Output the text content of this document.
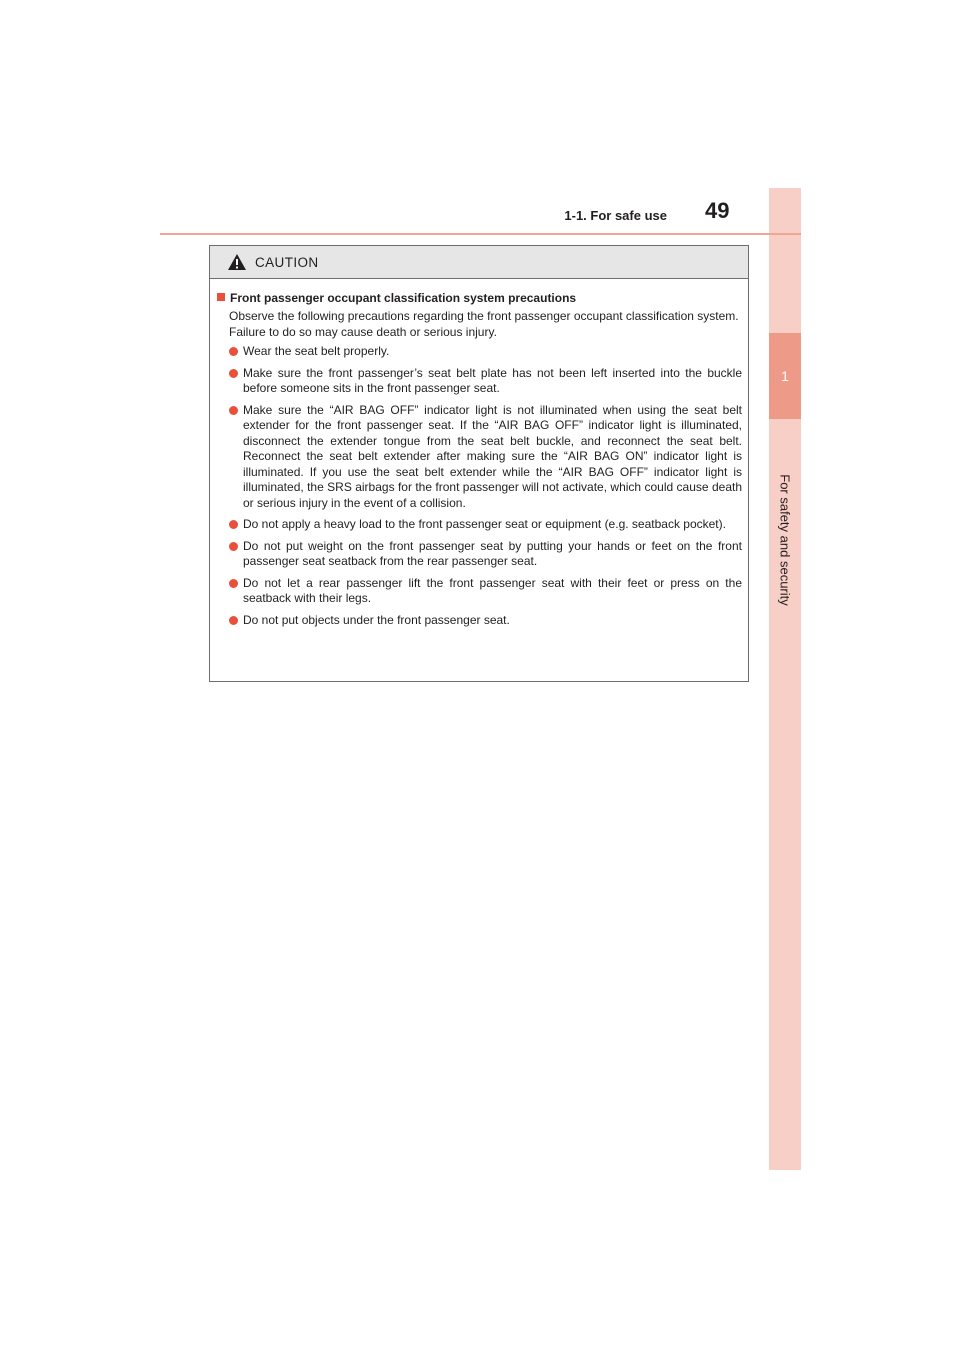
1
For safety and security
1-1. For safe use 49
CAUTION
Front passenger occupant classification system precautions

Observe the following precautions regarding the front passenger occupant classification system.

Failure to do so may cause death or serious injury.

Wear the seat belt properly.
Make sure the front passenger’s seat belt plate has not been left inserted into the buckle before someone sits in the front passenger seat.
Make sure the “AIR BAG OFF” indicator light is not illuminated when using the seat belt extender for the front passenger seat. If the “AIR BAG OFF” indicator light is illuminated, disconnect the extender tongue from the seat belt buckle, and reconnect the seat belt. Reconnect the seat belt extender after making sure the “AIR BAG ON” indicator light is illuminated. If you use the seat belt extender while the “AIR BAG OFF” indicator light is illuminated, the SRS airbags for the front passenger will not activate, which could cause death or serious injury in the event of a collision.
Do not apply a heavy load to the front passenger seat or equipment (e.g. seatback pocket).
Do not put weight on the front passenger seat by putting your hands or feet on the front passenger seat seatback from the rear passenger seat.
Do not let a rear passenger lift the front passenger seat with their feet or press on the seatback with their legs.
Do not put objects under the front passenger seat.
